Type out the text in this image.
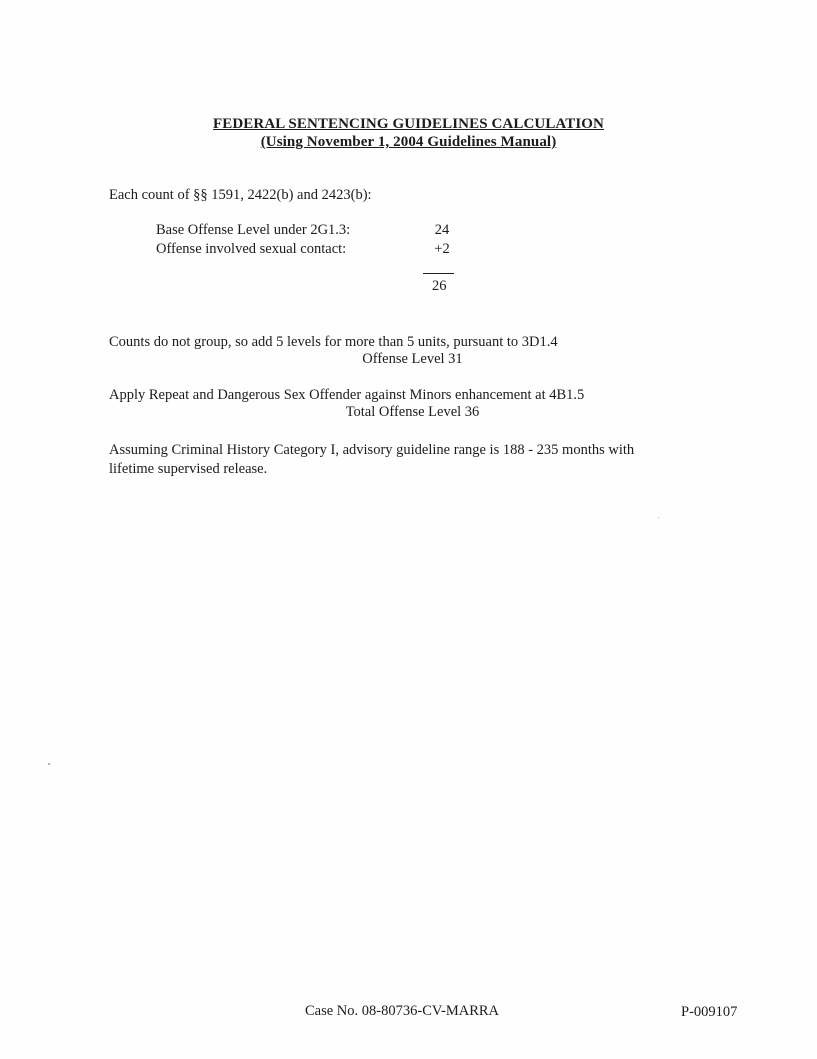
FEDERAL SENTENCING GUIDELINES CALCULATION
(Using November 1, 2004 Guidelines Manual)
Each count of §§ 1591, 2422(b) and 2423(b):
Base Offense Level under 2G1.3:	24
Offense involved sexual contact:	+2
26
Counts do not group, so add 5 levels for more than 5 units, pursuant to 3D1.4
Offense Level 31
Apply Repeat and Dangerous Sex Offender against Minors enhancement at 4B1.5
Total Offense Level 36
Assuming Criminal History Category I, advisory guideline range is 188 - 235 months with lifetime supervised release.
Case No. 08-80736-CV-MARRA	P-009107
